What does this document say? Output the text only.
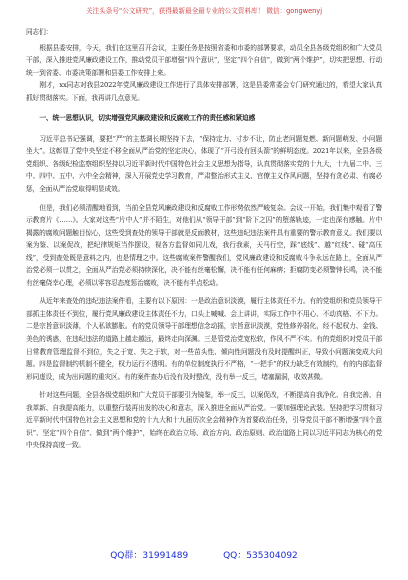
关注头条号“公文研究”，获得最新最全最专业的公文资料库！ 微信：gongwenyj

同志们：

根据县委安排，今天，我们在这里召开会议，主要任务是按照省委和市委的部署要求，动员全县各级党组织和广大党员干部，深入推进党风廉政建设工作，推动党员干部增强“四个意识”，坚定“四个自信”，做到“两个维护”，切实把思想、行动统一到省委、市委决策部署和县委工作安排上来。

刚才，xx同志对我县2022年党风廉政建设工作进行了具体安排部署，这是县委常委会专门研究通过的，希望大家认真抓好贯彻落实。下面，我再讲几点意见。

一、统一思想认识，切实增强党风廉政建设和反腐败工作的责任感和紧迫感

习近平总书记强调，要把“严”的主基调长期坚持下去，“保持定力、寸步不让，防止老问题复燃、新问题萌发、小问题坐大”。这彰显了党中央坚定不移全面从严治党的坚定决心，体现了“开弓没有回头箭”的鲜明态度。2021年以来，全县各级党组织、各级纪检监察组织坚持以习近平新时代中国特色社会主义思想为指导，认真贯彻落实党的十九大，十九届二中、三中、四中、五中、六中全会精神，深入开展党史学习教育，严肃整治形式主义、官僚主义作风问题，坚持有贪必肃、有腐必惩，全面从严治党取得明显成效。

但是，我们必须清醒地看到，当前全县党风廉政建设和反腐败工作形势依然严峻复杂。会议一开始，我们集中观看了警示教育片《……》。大家对这些“片中人”并不陌生，对他们从“领导干部”到“阶下之囚”的堕落轨迹，一定也深有感触。片中揭露的腐败问题触目惊心，这些受到查处的领导干部就是反面教材，这些违纪违法案件具有重要的警示教育意义。我们要以案为鉴、以案促改，把纪律规矩当作摆设，视各方监督如同儿戏，我行我素，天马行空，踩“底线”、越“红线”、碰“高压线”，受到查处既是意料之内，也是情理之中。这些腐败案件警醒我们，党风廉政建设和反腐败斗争永远在路上，全面从严治党必须一以贯之，全面从严治党必须持续深化，决不能有丝毫松懈，决不能有任何麻痹；拒腐防变必须警钟长鸣，决不能有丝毫侥幸心理，必须以零容忍态度惩治腐败，决不能有半点松动。

从近年来查处的违纪违法案件看，主要有以下原因：一是政治意识淡漠，履行主体责任不力。有的党组织和党员领导干部抓主体责任不到位，履行党风廉政建设主体责任不力，口头上喊喊、会上讲讲，实际工作中不用心、不动真格、不下力。二是宗旨意识淡薄，个人私欲膨胀。有的党员领导干部理想信念动摇，宗旨意识淡漠，党性修养弱化，经不起权力、金钱、美色的诱惑，在违纪违法的道路上越走越远，最终走向深渊。三是管党治党宽松软，作风不严不实。有的党组织对党员干部日常教育管理监督不到位，失之于宽、失之于软，对一些苗头性、倾向性问题没有及时提醒纠正，导致小问题演变成大问题。四是监督制约机制不健全，权力运行不透明。有的单位制度执行不严格，“一把手”的权力缺乏有效制约，有的内部监督形同虚设，成为出问题的重灾区。有的案件查办后没有及时整改，没有举一反三，堵塞漏洞，收效甚微。

针对这些问题，全县各级党组织和广大党员干部要引为镜鉴，举一反三，以案促改，不断提高自我净化、自我完善、自我革新、自我提高能力，以重整行装再出发的决心和意志，深入推进全面从严治党。一要加强理论武装。坚持把学习贯彻习近平新时代中国特色社会主义思想和党的十九大和十九届历次全会精神作为首要政治任务，引导党员干部不断增强“四个意识”、坚定“四个自信”、做到“两个维护”，始终在政治立场、政治方向、政治原则、政治道路上同以习近平同志为核心的党中央保持高度一致。

QQ群：31991489	QQ：535304092
